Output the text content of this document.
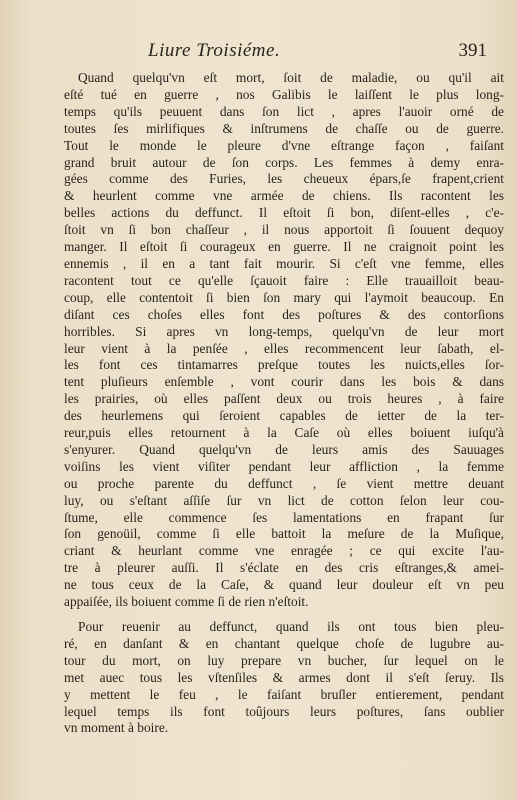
Liure Troisiéme.	391
Quand quelqu'vn eſt mort, ſoit de maladie, ou qu'il ait
eſté tué en guerre , nos Galibis le laiſſent le plus long-
temps qu'ils peuuent dans ſon lict , apres l'auoir orné de
toutes ſes mirlifiques & inſtrumens de chaſſe ou de guerre.
Tout le monde le pleure d'vne eſtrange façon , faiſant
grand bruit autour de ſon corps. Les femmes à demy enra-
gées comme des Furies, les cheueux épars,ſe frapent,crient
& heurlent comme vne armée de chiens. Ils racontent les
belles actions du deffunct. Il eſtoit ſi bon, diſent-elles , c'e-
ſtoit vn ſi bon chaſſeur , il nous apportoit ſi ſouuent dequoy
manger. Il eſtoit ſi courageux en guerre. Il ne craignoit point les
ennemis , il en a tant fait mourir. Si c'eſt vne femme, elles
racontent tout ce qu'elle ſçauoit faire : Elle trauailloit beau-
coup, elle contentoit ſi bien ſon mary qui l'aymoit beaucoup. En
diſant ces choſes elles font des poſtures & des contorſions
horribles. Si apres vn long-temps, quelqu'vn de leur mort
leur vient à la penſée , elles recommencent leur ſabath, el-
les font ces tintamarres preſque toutes les nuicts,elles ſor-
tent pluſieurs enſemble , vont courir dans les bois & dans
les prairies, où elles paſſent deux ou trois heures , à faire
des heurlemens qui ſeroient capables de ietter de la ter-
reur,puis elles retournent à la Caſe où elles boiuent iuſqu'à
s'enyurer. Quand quelqu'vn de leurs amis des Sauuages
voiſins les vient viſiter pendant leur affliction , la femme
ou proche parente du deffunct , ſe vient mettre deuant
luy, ou s'eſtant aſſiſe ſur vn lict de cotton ſelon leur cou-
ſtume, elle commence ſes lamentations en frapant ſur
ſon genoüil, comme ſi elle battoit la meſure de la Muſique,
criant & heurlant comme vne enragée ; ce qui excite l'au-
tre à pleurer auſſi. Il s'éclate en des cris eſtranges,& ameі-
ne tous ceux de la Caſe, & quand leur douleur eſt vn peu
appaiſée, ils boiuent comme ſi de rien n'eſtoit.
Pour reuenir au deffunct, quand ils ont tous bien pleu-
ré, en danſant & en chantant quelque choſe de lugubre au-
tour du mort, on luy prepare vn bucher, ſur lequel on le
met auec tous les vſtenſiles & armes dont il s'eſt ſeruy. Ils
y mettent le feu , le faiſant bruſler entierement, pendant
lequel temps ils font toûjours leurs poſtures, ſans oublier
vn moment à boire.
